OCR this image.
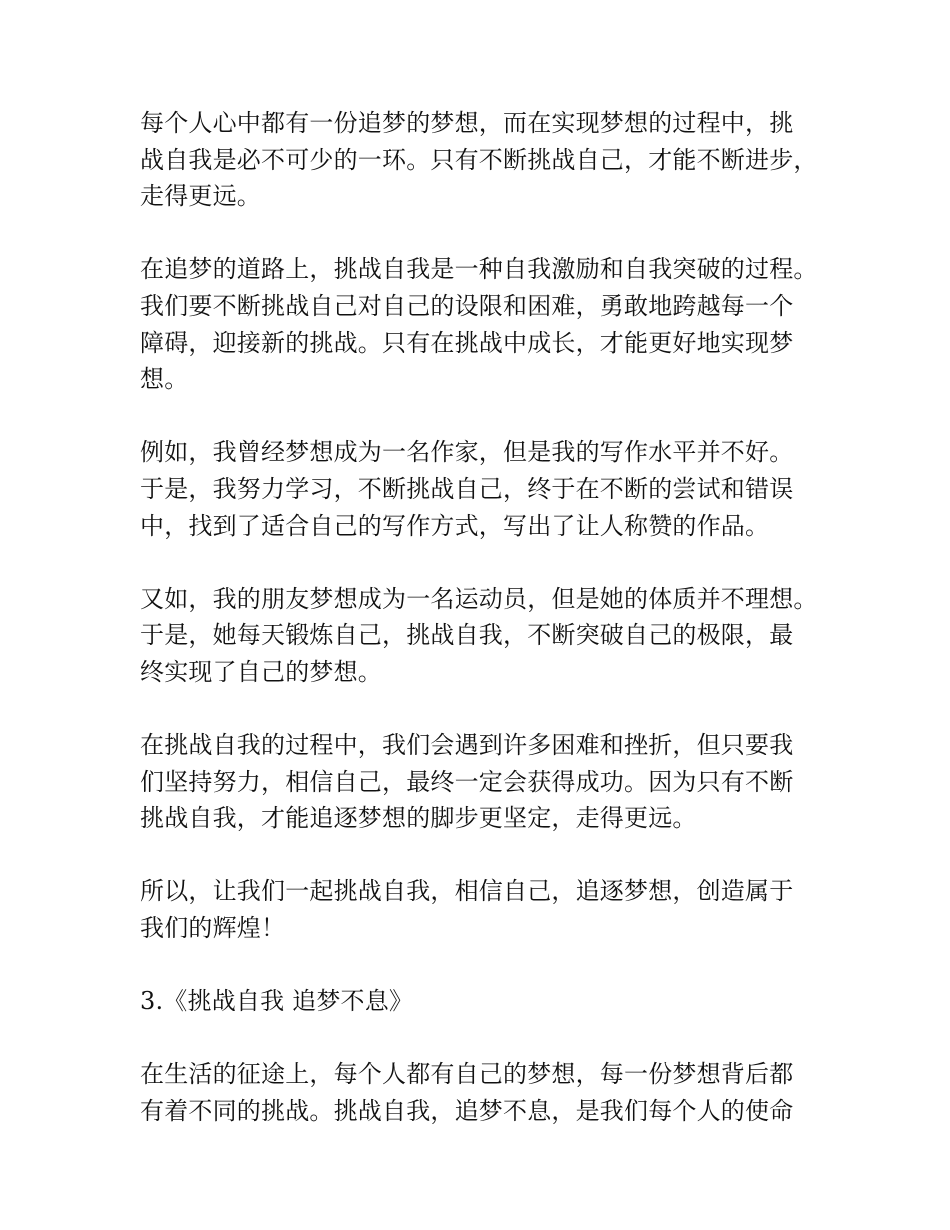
每个人心中都有一份追梦的梦想，而在实现梦想的过程中，挑
战自我是必不可少的一环。只有不断挑战自己，才能不断进步，
走得更远。

在追梦的道路上，挑战自我是一种自我激励和自我突破的过程。
我们要不断挑战自己对自己的设限和困难，勇敢地跨越每一个
障碍，迎接新的挑战。只有在挑战中成长，才能更好地实现梦
想。

例如，我曾经梦想成为一名作家，但是我的写作水平并不好。
于是，我努力学习，不断挑战自己，终于在不断的尝试和错误
中，找到了适合自己的写作方式，写出了让人称赞的作品。

又如，我的朋友梦想成为一名运动员，但是她的体质并不理想。
于是，她每天锻炼自己，挑战自我，不断突破自己的极限，最
终实现了自己的梦想。

在挑战自我的过程中，我们会遇到许多困难和挫折，但只要我
们坚持努力，相信自己，最终一定会获得成功。因为只有不断
挑战自我，才能追逐梦想的脚步更坚定，走得更远。

所以，让我们一起挑战自我，相信自己，追逐梦想，创造属于
我们的辉煌！

3.《挑战自我 追梦不息》

在生活的征途上，每个人都有自己的梦想，每一份梦想背后都
有着不同的挑战。挑战自我，追梦不息，是我们每个人的使命
